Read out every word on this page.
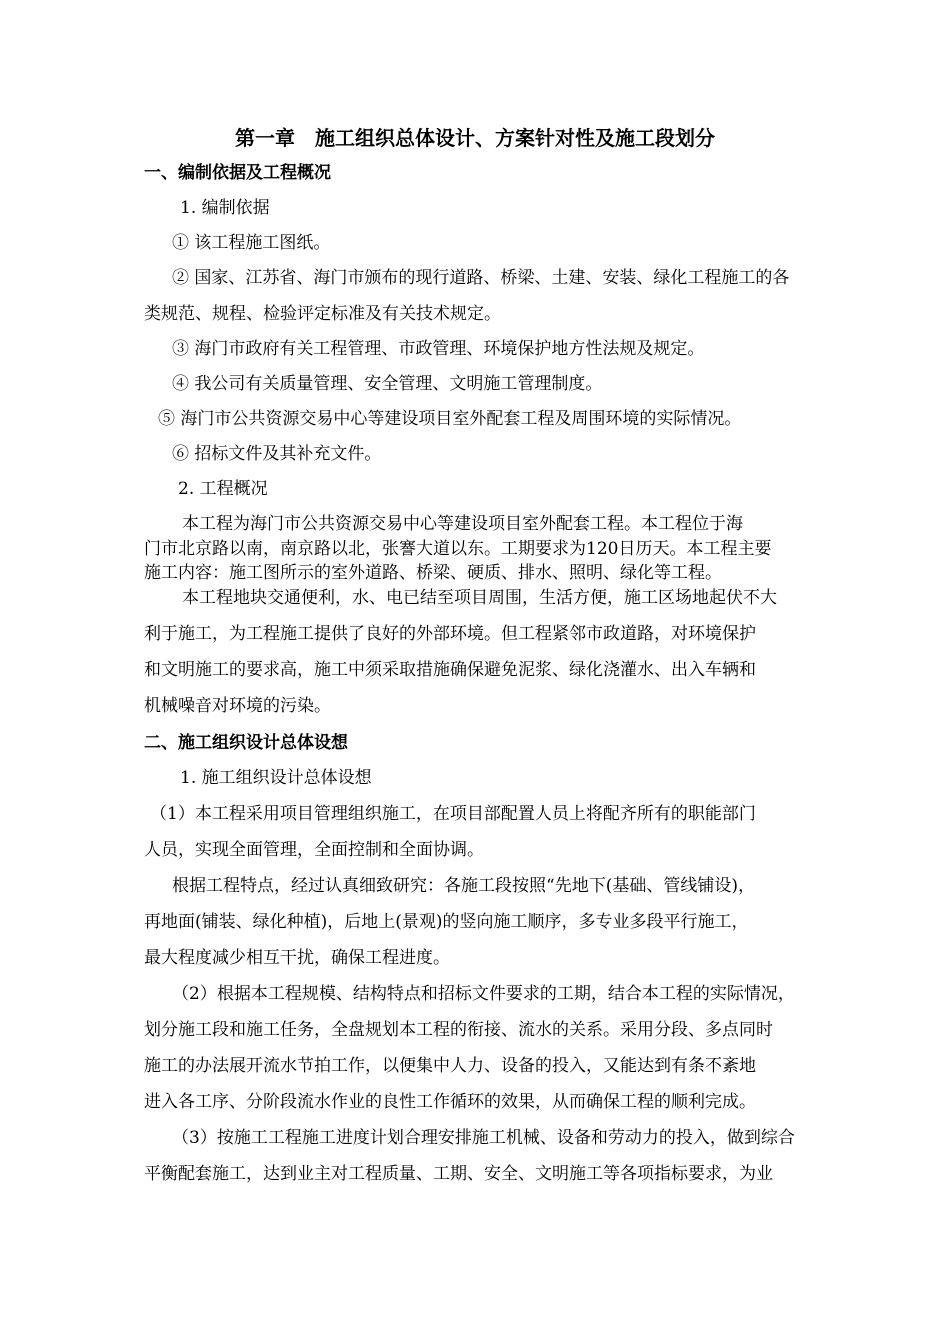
第一章　施工组织总体设计、方案针对性及施工段划分

一、编制依据及工程概况

1. 编制依据

① 该工程施工图纸。

② 国家、江苏省、海门市颁布的现行道路、桥梁、土建、安装、绿化工程施工的各

类规范、规程、检验评定标准及有关技术规定。

③ 海门市政府有关工程管理、市政管理、环境保护地方性法规及规定。

④ 我公司有关质量管理、安全管理、文明施工管理制度。

⑤ 海门市公共资源交易中心等建设项目室外配套工程及周围环境的实际情况。

⑥ 招标文件及其补充文件。

2. 工程概况

本工程为海门市公共资源交易中心等建设项目室外配套工程。本工程位于海

门市北京路以南，南京路以北，张謇大道以东。工期要求为120日历天。本工程主要

施工内容：施工图所示的室外道路、桥梁、硬质、排水、照明、绿化等工程。

本工程地块交通便利，水、电已结至项目周围，生活方便，施工区场地起伏不大

利于施工，为工程施工提供了良好的外部环境。但工程紧邻市政道路，对环境保护

和文明施工的要求高，施工中须采取措施确保避免泥浆、绿化浇灌水、出入车辆和

机械噪音对环境的污染。

二、施工组织设计总体设想

1. 施工组织设计总体设想

（1）本工程采用项目管理组织施工，在项目部配置人员上将配齐所有的职能部门

人员，实现全面管理，全面控制和全面协调。

根据工程特点，经过认真细致研究：各施工段按照“先地下(基础、管线铺设)，

再地面(铺装、绿化种植)，后地上(景观)的竖向施工顺序，多专业多段平行施工，

最大程度减少相互干扰，确保工程进度。

（2）根据本工程规模、结构特点和招标文件要求的工期，结合本工程的实际情况，

划分施工段和施工任务，全盘规划本工程的衔接、流水的关系。采用分段、多点同时

施工的办法展开流水节拍工作，以便集中人力、设备的投入，又能达到有条不紊地

进入各工序、分阶段流水作业的良性工作循环的效果，从而确保工程的顺利完成。

（3）按施工工程施工进度计划合理安排施工机械、设备和劳动力的投入，做到综合

平衡配套施工，达到业主对工程质量、工期、安全、文明施工等各项指标要求，为业
